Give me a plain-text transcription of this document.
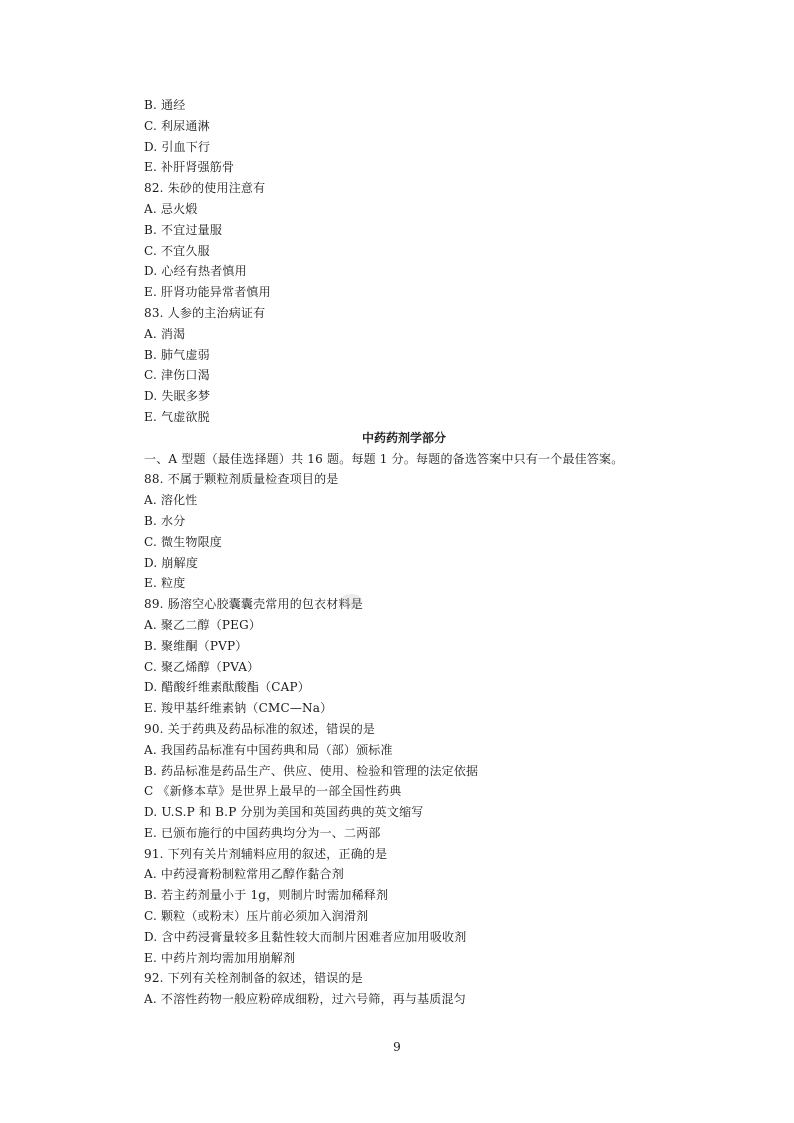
B. 通经
C. 利尿通淋
D. 引血下行
E. 补肝肾强筋骨
82. 朱砂的使用注意有
A. 忌火煅
B. 不宜过量服
C. 不宜久服
D. 心经有热者慎用
E. 肝肾功能异常者慎用
83. 人参的主治病证有
A. 消渴
B. 肺气虚弱
C. 津伤口渴
D. 失眠多梦
E. 气虚欲脱
中药药剂学部分
一、A 型题（最佳选择题）共 16 题。每题 1 分。每题的备选答案中只有一个最佳答案。
88. 不属于颗粒剂质量检查项目的是
A. 溶化性
B. 水分
C. 微生物限度
D. 崩解度
E. 粒度
89. 肠溶空心胶囊囊壳常用的包衣材料是
A. 聚乙二醇（PEG）
B. 聚维酮（PVP）
C. 聚乙烯醇（PVA）
D. 醋酸纤维素酞酸酯（CAP）
E. 羧甲基纤维素钠（CMC—Na）
90. 关于药典及药品标准的叙述，错误的是
A. 我国药品标准有中国药典和局（部）颁标准
B. 药品标准是药品生产、供应、使用、检验和管理的法定依据
C 《新修本草》是世界上最早的一部全国性药典
D. U.S.P 和 B.P 分别为美国和英国药典的英文缩写
E. 已颁布施行的中国药典均分为一、二两部
91. 下列有关片剂辅料应用的叙述，正确的是
A. 中药浸膏粉制粒常用乙醇作黏合剂
B. 若主药剂量小于 1g，则制片时需加稀释剂
C. 颗粒（或粉末）压片前必须加入润滑剂
D. 含中药浸膏量较多且黏性较大而制片困难者应加用吸收剂
E. 中药片剂均需加用崩解剂
92. 下列有关栓剂制备的叙述，错误的是
A. 不溶性药物一般应粉碎成细粉，过六号筛，再与基质混匀
9
